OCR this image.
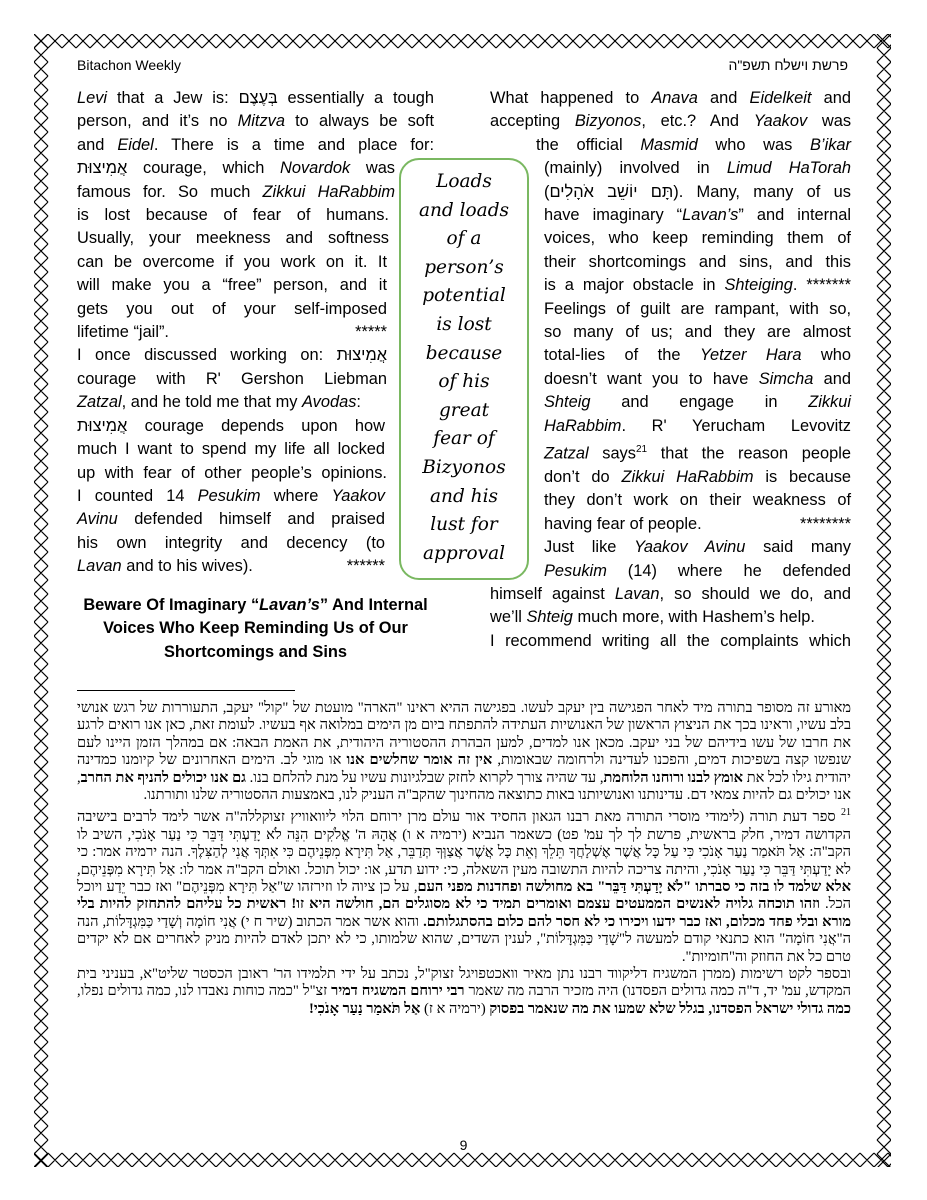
Bitachon Weekly	פרשת וישלח תשפ"ה
Levi that a Jew is: בְּעֶצֶם essentially a tough
person, and it’s no Mitzva to always be soft
and Eidel. There is a time and place for:
אֲמִיצוּת courage, which Novardok was
famous for. So much Zikkui HaRabbim
is lost because of fear of humans.
Usually, your meekness and softness
can be overcome if you work on it. It
will make you a “free” person, and it
gets you out of your self-imposed
lifetime “jail”.	*****
I once discussed working on: אֲמִיצוּת
courage with R' Gershon Liebman
Zatzal, and he told me that my Avodas:
אֲמִיצוּת courage depends upon how
much I want to spend my life all locked
up with fear of other people’s opinions.
I counted 14 Pesukim where Yaakov
Avinu defended himself and praised
his own integrity and decency (to
Lavan and to his wives).	******
Loads
and loads
of a
person’s
potential
is lost
because
of his
great
fear of
Bizyonos
and his
lust for
approval
Beware Of Imaginary “Lavan’s” And Internal Voices Who Keep Reminding Us of Our Shortcomings and Sins
What happened to Anava and Eidelkeit and
accepting Bizyonos, etc.? And Yaakov was
the official Masmid who was B’ikar
(mainly) involved in Limud HaTorah
(תָּם יוֹשֵׁב אֹהָלִים). Many, many of us
have imaginary “Lavan’s” and internal
voices, who keep reminding them of
their shortcomings and sins, and this
is a major obstacle in Shteiging. *******
Feelings of guilt are rampant, with so,
so many of us; and they are almost
total-lies of the Yetzer Hara who
doesn’t want you to have Simcha and
Shteig and engage in Zikkui
HaRabbim. R' Yerucham Levovitz
Zatzal says$^{21}$ that the reason people
don’t do Zikkui HaRabbim is because
they don’t work on their weakness of
having fear of people.	********
Just like Yaakov Avinu said many
Pesukim (14) where he defended
himself against Lavan, so should we do, and
we’ll Shteig much more, with Hashem’s help.
I recommend writing all the complaints which

מאורע זה מסופר בתורה מיד לאחר הפגישה בין יעקב לעשו. בפגישה ההיא ראינו "הארה" מועטת של "קול" יעקב, התעוררות של רגש אנושי בלב עשיו, וראינו בכך את הניצוץ הראשון של האנושיות העתידה להתפתח ביום מן הימים במלואה אף בעשיו. לעומת זאת, כאן אנו רואים לרגע את חרבו של עשו בידיהם של בני יעקב. מכאן אנו למדים, למען הבהרת ההסטוריה היהודית, את האמת הבאה: אם במהלך הזמן היינו לעם שנפשו קצה בשפיכות דמים, והפכנו לעדינה ולרחומה שבאומות, אין זה אומר שחלשים אנו או מוגי לב. הימים האחרונים של קיומנו כמדינה יהודית גילו לכל את אומץ לבנו ורוחנו הלוחמת, עד שהיה צורך לקרוא לחזק שבלגיונות עשיו על מנת להלחם בנו. גם אנו יכולים להניף את החרב, אנו יכולים גם להיות צמאי דם. עדינותנו ואנושיותנו באות כתוצאה מהחינוך שהקב"ה העניק לנו, באמצעות ההסטוריה שלנו ותורתנו.

$^{21}$ ספר דעת תורה (לימודי מוסרי התורה מאת רבנו הגאון החסיד אור עולם מרן ירוחם הלוי ליוואוויץ זצוקללה"ה אשר לימד לרבים בישיבה הקדושה דמיר, חלק בראשית, פרשת לך לך עמ' פט) כשאמר הנביא (ירמיה א ו) אֲהָהּ ה' אֱלֹקִים הִנֵּה לֹא יָדַעְתִּי דַּבֵּר כִּי נַעַר אָנֹכִי, השיב לו הקב"ה: אַל תֹּאמַר נַעַר אָנֹכִי כִּי עַל כָּל אֲשֶׁר אֶשְׁלָחֲךָ תֵּלֵךְ וְאֵת כָּל אֲשֶׁר אֲצַוְּךָ תְּדַבֵּר, אַל תִּירָא מִפְּנֵיהֶם כִּי אִתְּךָ אֲנִי לְהַצִּלֶךָ. הנה ירמיה אמר: כי לא יָדַעְתִּי דַּבֵּר כִּי נַעַר אָנֹכִי, והיתה צריכה להיות התשובה מעין השאלה, כי: ידוע תדע, או: יכול תוכל. ואולם הקב"ה אמר לו: אַל תִּירָא מִפְּנֵיהֶם, אלא שלמד לו בזה כי סברתו "לֹא יָדַעְתִּי דַּבֵּר" בא מחולשה ופחדנות מפני העם, על כן ציוה לו וזירזהו ש"אַל תִּירָא מִפְּנֵיהֶם" ואז כבר יֵדַע ויוכל הכל. וזהו תוכחה גלויה לאנשים הממעטים עצמם ואומרים תמיד כי לא מסוגלים הם, חולשה היא זו! ראשית כל עליהם להתחזק להיות בלי מורא ובלי פחד מכלום, ואז כבר ידעו ויכירו כי לא חסר להם כלום בהסתגלותם. והוא אשר אמר הכתוב (שיר ח י) אֲנִי חוֹמָה וְשָׁדַי כַּמִּגְדָּלוֹת, הנה ה"אֲנִי חוֹמָה" הוא כתנאי קודם למעשה ל"שָׁדַי כַּמִּגְדָּלוֹת", לענין השדים, שהוא שלמותו, כי לא יתכן לאדם להיות מניק לאחרים אם לא יקדים טרם כל את החוזק וה"חומיות".

ובספר לקט רשימות (ממרן המשגיח דליקווד רבנו נתן מאיר וואכטפויגל זצוק"ל, נכתב על ידי תלמידו הר' ראובן הכסטר שליט"א, בעניני בית המקדש, עמ' יד, ד"ה כמה גדולים הפסדנו) היה מזכיר הרבה מה שאמר רבי ירוחם המשגיח דמיר זצ"ל "כמה כוחות נאבדו לנו, כמה גדולים נפלו, כמה גדולי ישראל הפסדנו, בגלל שלא שמעו את מה שנאמר בפסוק (ירמיה א ז) אַל תֹּאמַר נַעַר אָנֹכִי!

9
